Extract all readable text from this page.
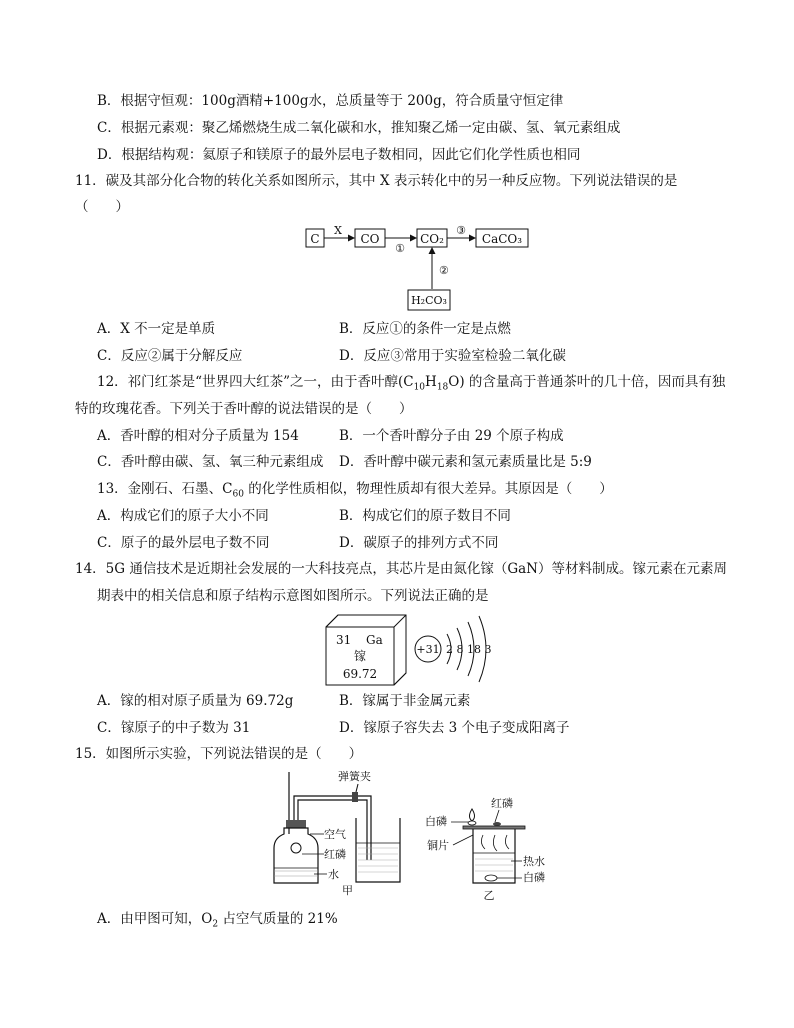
B．根据守恒观：100g酒精+100g水，总质量等于 200g，符合质量守恒定律
C．根据元素观：聚乙烯燃烧生成二氧化碳和水，推知聚乙烯一定由碳、氢、氧元素组成
D．根据结构观：氦原子和镁原子的最外层电子数相同，因此它们化学性质也相同
11．碳及其部分化合物的转化关系如图所示，其中 X 表示转化中的另一种反应物。下列说法错误的是
（　　）
C
X
CO
①
CO₂
③
CaCO₃
②
H₂CO₃
A．X 不一定是单质	B．反应①的条件一定是点燃
C．反应②属于分解反应	D．反应③常用于实验室检验二氧化碳
12．祁门红茶是“世界四大红茶”之一，由于香叶醇$(C_{10}H_{18}O)$ 的含量高于普通茶叶的几十倍，因而具有独
特的玫瑰花香。下列关于香叶醇的说法错误的是（　　）
A．香叶醇的相对分子质量为 154	B．一个香叶醇分子由 29 个原子构成
C．香叶醇由碳、氢、氧三种元素组成 D．香叶醇中碳元素和氢元素质量比是 5:9
13．金刚石、石墨、$C_{60}$ 的化学性质相似，物理性质却有很大差异。其原因是（　　）
A．构成它们的原子大小不同	B．构成它们的原子数目不同
C．原子的最外层电子数不同	D．碳原子的排列方式不同
14．5G 通信技术是近期社会发展的一大科技亮点，其芯片是由氮化镓（GaN）等材料制成。镓元素在元素周
期表中的相关信息和原子结构示意图如图所示。下列说法正确的是
31 Ga
镓
69.72
+31 2 8 18 3
A．镓的相对原子质量为 69.72g	B．镓属于非金属元素
C．镓原子的中子数为 31	D．镓原子容失去 3 个电子变成阳离子
15．如图所示实验，下列说法错误的是（　　）
弹簧夹
空气
红磷
水
甲
红磷
白磷
铜片
热水
白磷
乙
A．由甲图可知，$O_2$ 占空气质量的 21%
